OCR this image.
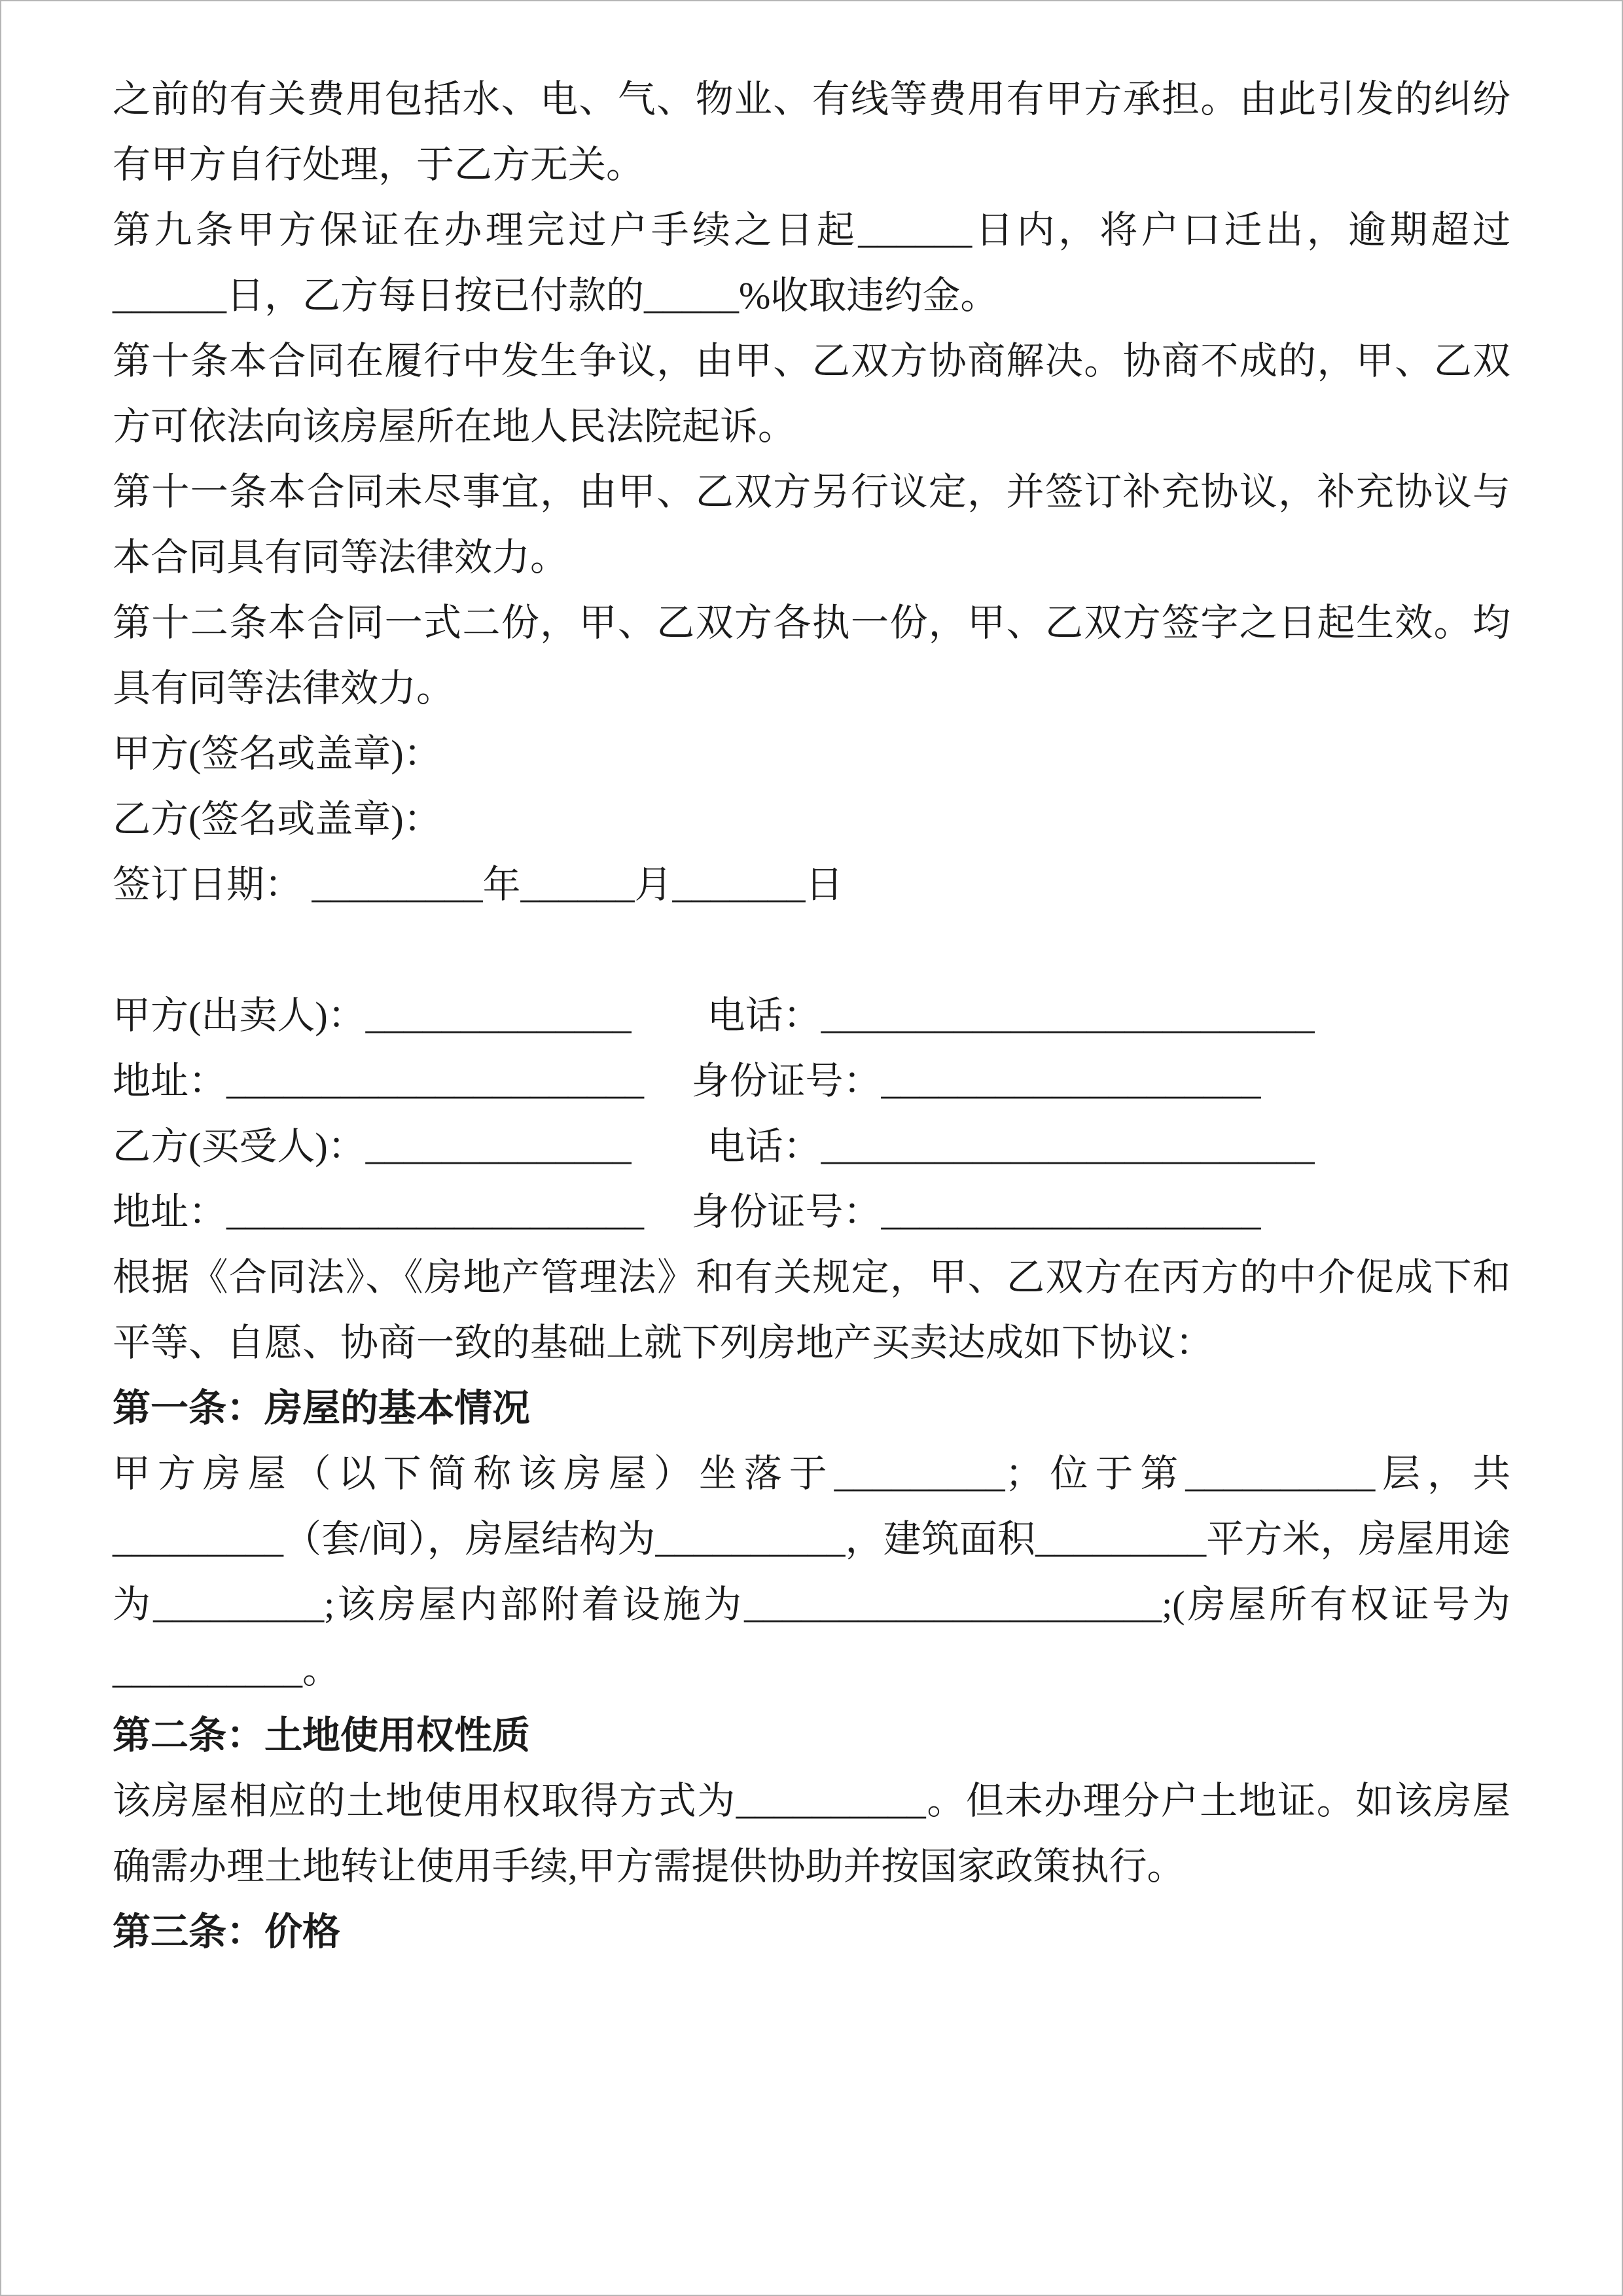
之前的有关费用包括水、电、气、物业、有线等费用有甲方承担。由此引发的纠纷有甲方自行处理，于乙方无关。

第九条甲方保证在办理完过户手续之日起______日内，将户口迁出，逾期超过______日，乙方每日按已付款的_____%收取违约金。

第十条本合同在履行中发生争议，由甲、乙双方协商解决。协商不成的，甲、乙双方可依法向该房屋所在地人民法院起诉。

第十一条本合同未尽事宜，由甲、乙双方另行议定，并签订补充协议，补充协议与本合同具有同等法律效力。

第十二条本合同一式二份，甲、乙双方各执一份，甲、乙双方签字之日起生效。均具有同等法律效力。

甲方(签名或盖章)：

乙方(签名或盖章)：

签订日期： _________年______月_______日

甲方(出卖人)：______________　　电话：__________________________

地址：______________________　 身份证号：____________________

乙方(买受人)：______________　　电话：__________________________

地址：______________________　 身份证号：____________________

根据《合同法》、《房地产管理法》和有关规定，甲、乙双方在丙方的中介促成下和平等、自愿、协商一致的基础上就下列房地产买卖达成如下协议：

第一条：房屋的基本情况

甲方房屋（以下简称该房屋）坐落于_________；位于第__________层，共_________（套/间），房屋结构为__________，建筑面积_________平方米，房屋用途为_________;该房屋内部附着设施为______________________;(房屋所有权证号为__________。

第二条：土地使用权性质

该房屋相应的土地使用权取得方式为__________。但未办理分户土地证。如该房屋确需办理土地转让使用手续,甲方需提供协助并按国家政策执行。

第三条：价格
